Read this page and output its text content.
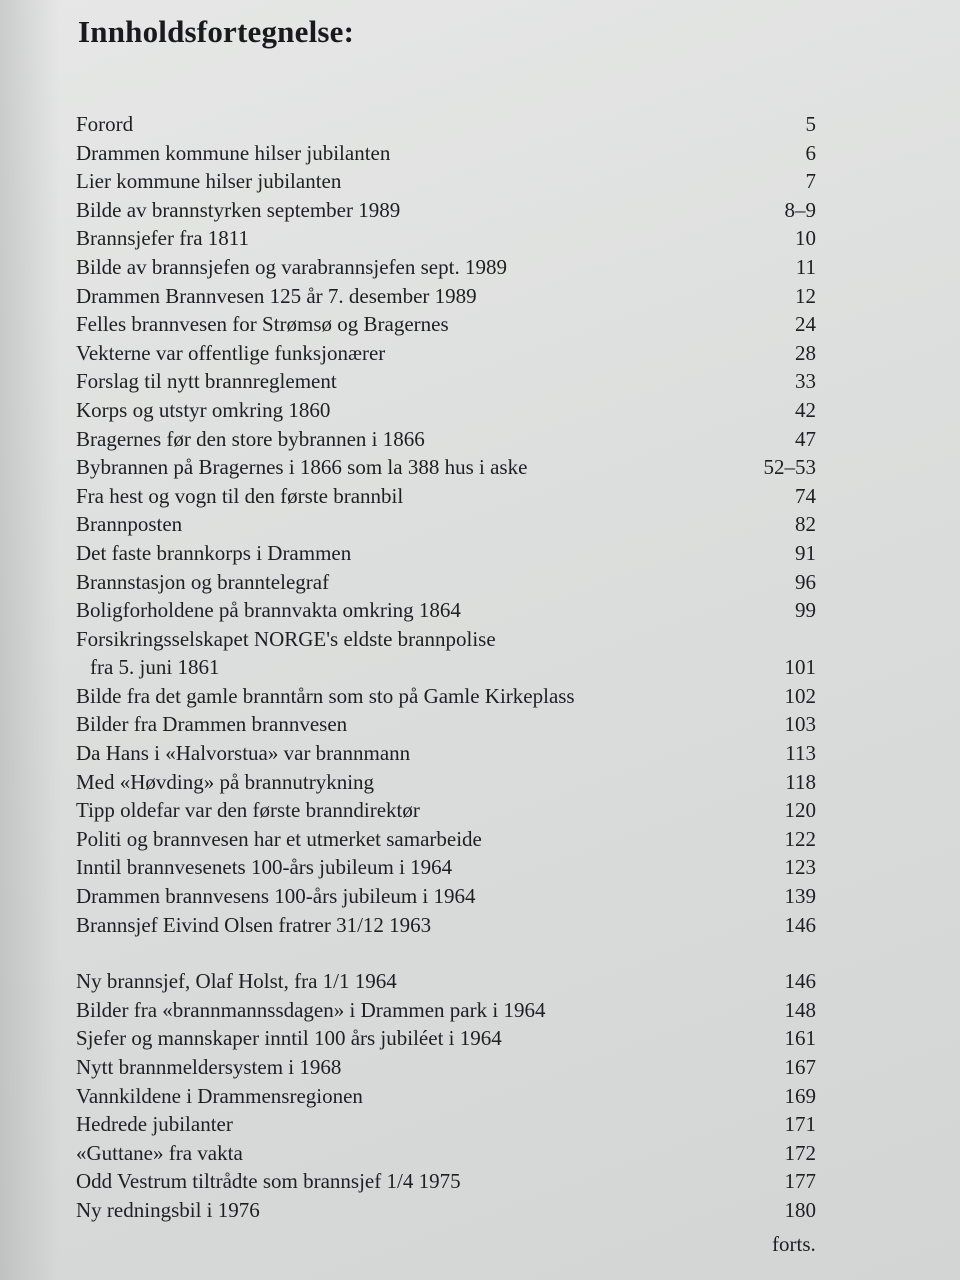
Innholdsfortegnelse:
Forord	5
Drammen kommune hilser jubilanten	6
Lier kommune hilser jubilanten	7
Bilde av brannstyrken september 1989	8–9
Brannsjefer fra 1811	10
Bilde av brannsjefen og varabrannsjefen sept. 1989	11
Drammen Brannvesen 125 år 7. desember 1989	12
Felles brannvesen for Strømsø og Bragernes	24
Vekterne var offentlige funksjonærer	28
Forslag til nytt brannreglement	33
Korps og utstyr omkring 1860	42
Bragernes før den store bybrannen i 1866	47
Bybrannen på Bragernes i 1866 som la 388 hus i aske	52–53
Fra hest og vogn til den første brannbil	74
Brannposten	82
Det faste brannkorps i Drammen	91
Brannstasjon og branntelegraf	96
Boligforholdene på brannvakta omkring 1864	99
Forsikringsselskapet NORGE's eldste brannpolise
fra 5. juni 1861	101
Bilde fra det gamle branntårn som sto på Gamle Kirkeplass	102
Bilder fra Drammen brannvesen	103
Da Hans i «Halvorstua» var brannmann	113
Med «Høvding» på brannutrykning	118
Tipp oldefar var den første branndirektør	120
Politi og brannvesen har et utmerket samarbeide	122
Inntil brannvesenets 100-års jubileum i 1964	123
Drammen brannvesens 100-års jubileum i 1964	139
Brannsjef Eivind Olsen fratrer 31/12 1963	146
Ny brannsjef, Olaf Holst, fra 1/1 1964	146
Bilder fra «brannmannssdagen» i Drammen park i 1964	148
Sjefer og mannskaper inntil 100 års jubiléet i 1964	161
Nytt brannmeldersystem i 1968	167
Vannkildene i Drammensregionen	169
Hedrede jubilanter	171
«Guttane» fra vakta	172
Odd Vestrum tiltrådte som brannsjef 1/4 1975	177
Ny redningsbil i 1976	180
forts.
